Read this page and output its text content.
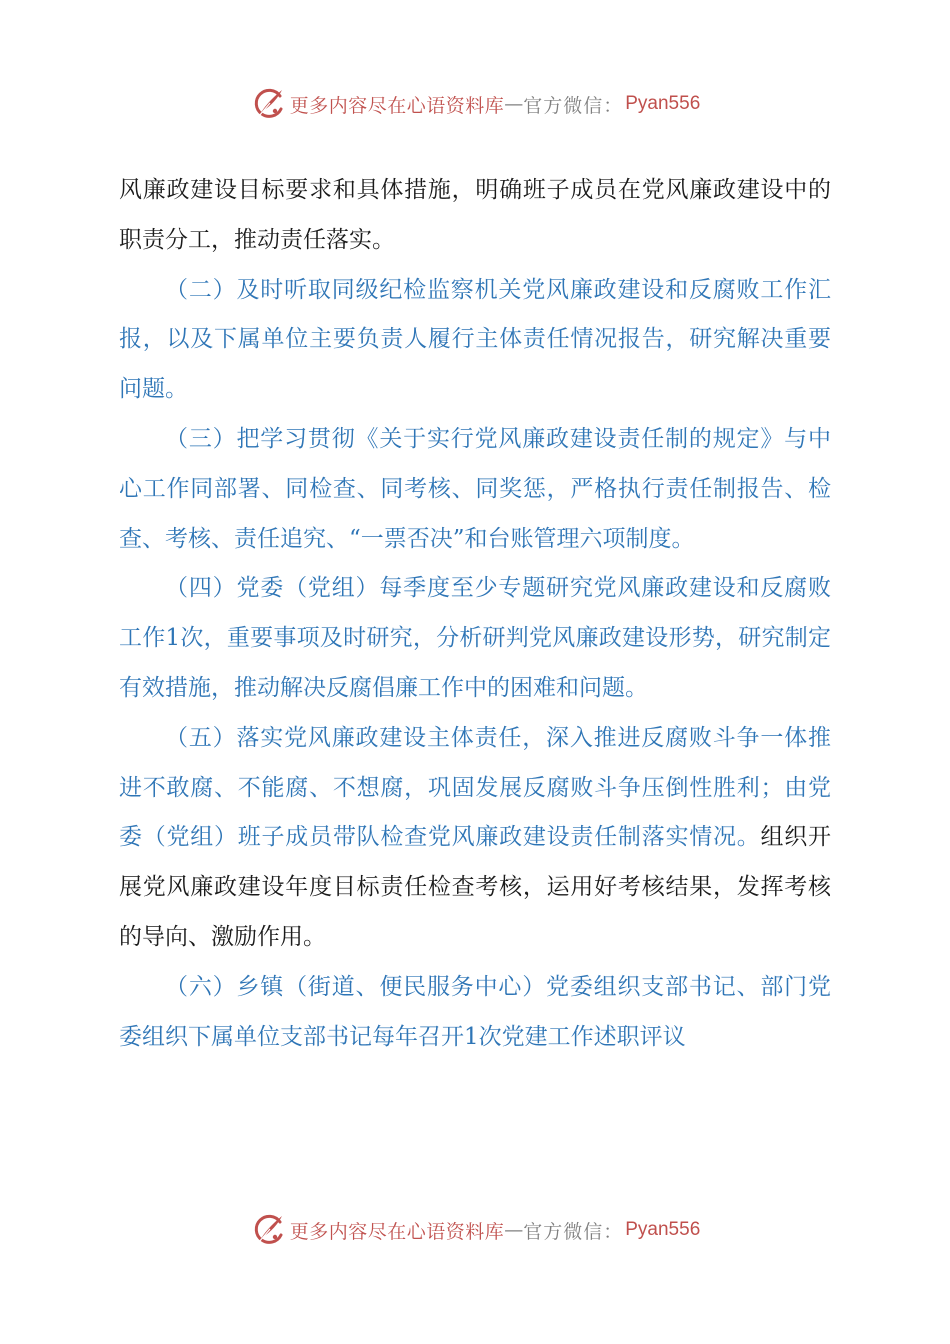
更多内容尽在心语资料库 — 官方微信： Pyan556

风廉政建设目标要求和具体措施，明确班子成员在党风廉政建设中的职责分工，推动责任落实。

（二）及时听取同级纪检监察机关党风廉政建设和反腐败工作汇报，以及下属单位主要负责人履行主体责任情况报告，研究解决重要问题。

（三）把学习贯彻《关于实行党风廉政建设责任制的规定》与中心工作同部署、同检查、同考核、同奖惩，严格执行责任制报告、检查、考核、责任追究、“一票否决”和台账管理六项制度。

（四）党委（党组）每季度至少专题研究党风廉政建设和反腐败工作1次，重要事项及时研究，分析研判党风廉政建设形势，研究制定有效措施，推动解决反腐倡廉工作中的困难和问题。

（五）落实党风廉政建设主体责任，深入推进反腐败斗争一体推进不敢腐、不能腐、不想腐，巩固发展反腐败斗争压倒性胜利；由党委（党组）班子成员带队检查党风廉政建设责任制落实情况。组织开展党风廉政建设年度目标责任检查考核，运用好考核结果，发挥考核的导向、激励作用。

（六）乡镇（街道、便民服务中心）党委组织支部书记、部门党委组织下属单位支部书记每年召开1次党建工作述职评议

更多内容尽在心语资料库 — 官方微信： Pyan556
